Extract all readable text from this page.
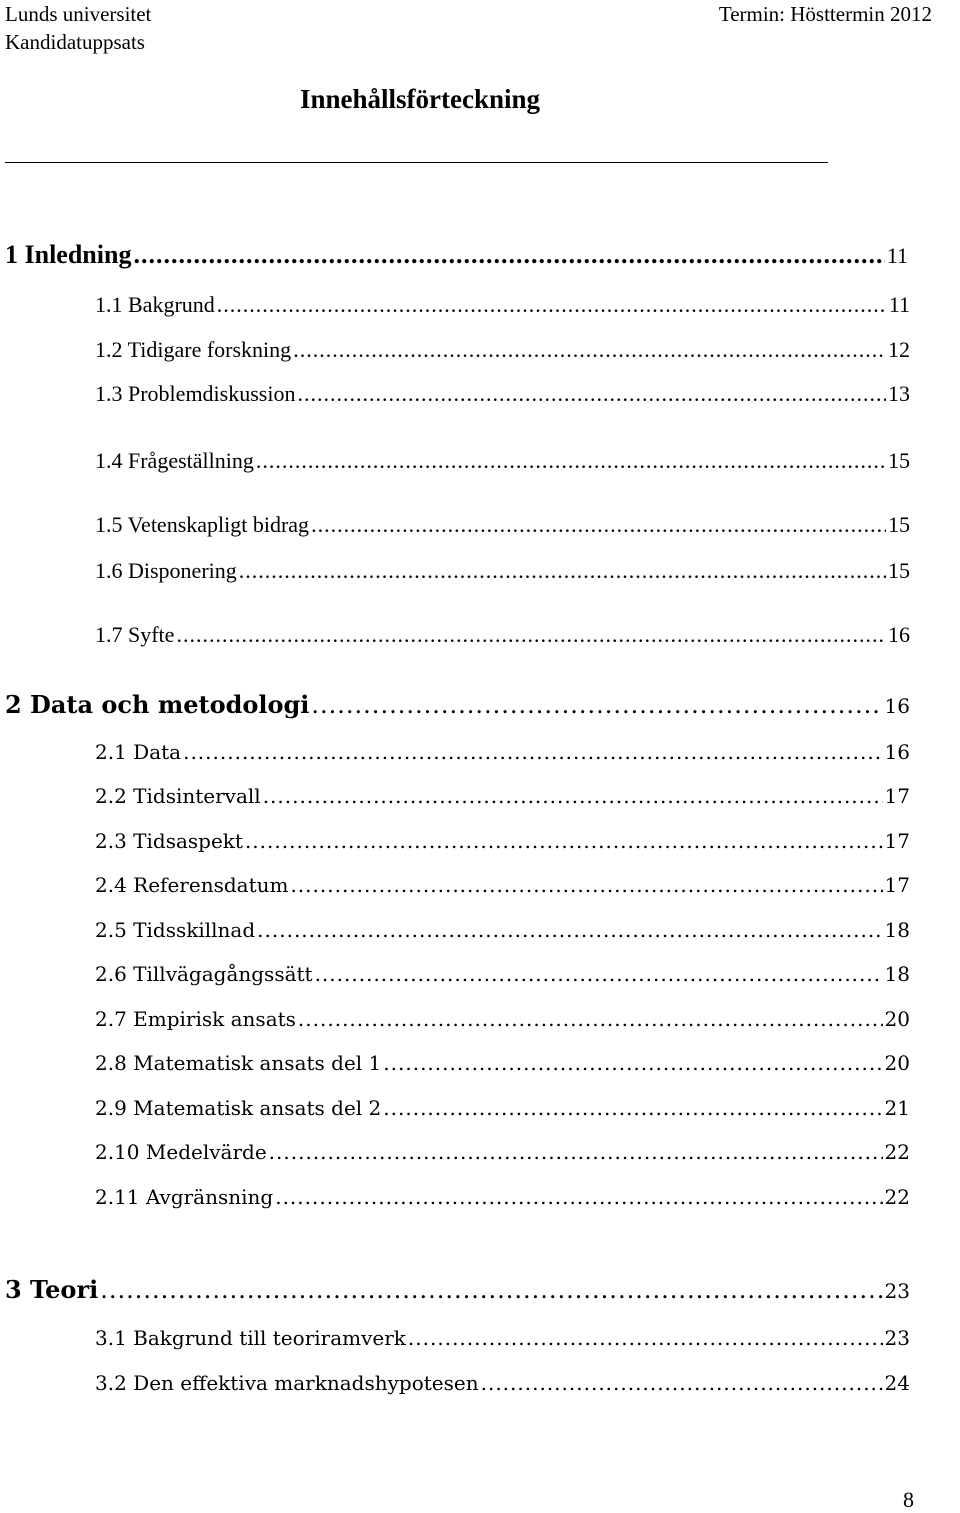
Lunds universitet
Kandidatuppsats
Termin: Hösttermin 2012
Innehållsförteckning
1 Inledning .....	11
1.1 Bakgrund .....	11
1.2 Tidigare forskning .....	12
1.3 Problemdiskussion .....	13
1.4 Frågeställning .....	15
1.5 Vetenskapligt bidrag .....	15
1.6 Disponering .....	15
1.7 Syfte .....	16
2 Data och metodologi .....	16
2.1 Data .....	16
2.2 Tidsintervall .....	17
2.3 Tidsaspekt .....	17
2.4 Referensdatum .....	17
2.5 Tidsskillnad .....	18
2.6 Tillvägagångssätt .....	18
2.7 Empirisk ansats .....	20
2.8 Matematisk ansats del 1 .....	20
2.9 Matematisk ansats del 2 .....	21
2.10 Medelvärde .....	22
2.11 Avgränsning .....	22
3 Teori .....	23
3.1 Bakgrund till teoriramverk .....	23
3.2 Den effektiva marknadshypotesen .....	24
8
